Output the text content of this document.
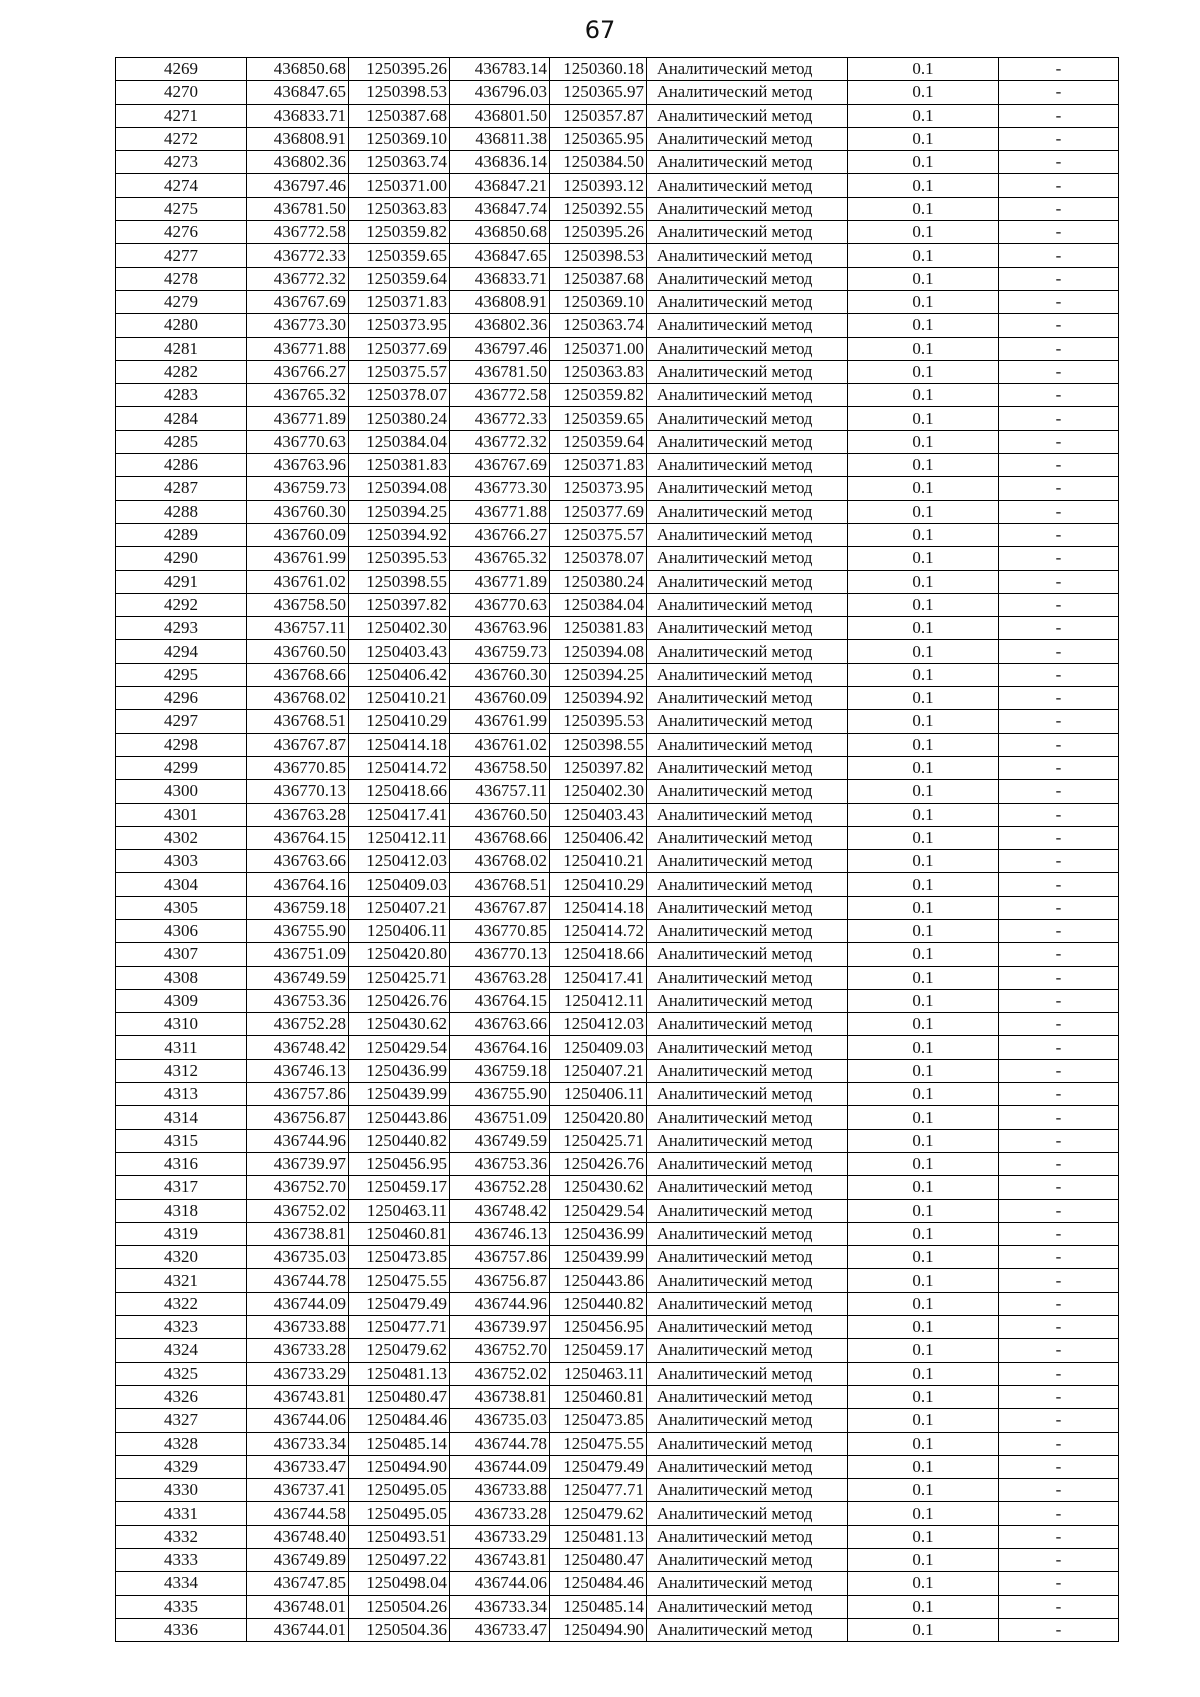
67
4269	436850.68	1250395.26	436783.14	1250360.18	Аналитический метод	0.1	-
4270	436847.65	1250398.53	436796.03	1250365.97	Аналитический метод	0.1	-
4271	436833.71	1250387.68	436801.50	1250357.87	Аналитический метод	0.1	-
4272	436808.91	1250369.10	436811.38	1250365.95	Аналитический метод	0.1	-
4273	436802.36	1250363.74	436836.14	1250384.50	Аналитический метод	0.1	-
4274	436797.46	1250371.00	436847.21	1250393.12	Аналитический метод	0.1	-
4275	436781.50	1250363.83	436847.74	1250392.55	Аналитический метод	0.1	-
4276	436772.58	1250359.82	436850.68	1250395.26	Аналитический метод	0.1	-
4277	436772.33	1250359.65	436847.65	1250398.53	Аналитический метод	0.1	-
4278	436772.32	1250359.64	436833.71	1250387.68	Аналитический метод	0.1	-
4279	436767.69	1250371.83	436808.91	1250369.10	Аналитический метод	0.1	-
4280	436773.30	1250373.95	436802.36	1250363.74	Аналитический метод	0.1	-
4281	436771.88	1250377.69	436797.46	1250371.00	Аналитический метод	0.1	-
4282	436766.27	1250375.57	436781.50	1250363.83	Аналитический метод	0.1	-
4283	436765.32	1250378.07	436772.58	1250359.82	Аналитический метод	0.1	-
4284	436771.89	1250380.24	436772.33	1250359.65	Аналитический метод	0.1	-
4285	436770.63	1250384.04	436772.32	1250359.64	Аналитический метод	0.1	-
4286	436763.96	1250381.83	436767.69	1250371.83	Аналитический метод	0.1	-
4287	436759.73	1250394.08	436773.30	1250373.95	Аналитический метод	0.1	-
4288	436760.30	1250394.25	436771.88	1250377.69	Аналитический метод	0.1	-
4289	436760.09	1250394.92	436766.27	1250375.57	Аналитический метод	0.1	-
4290	436761.99	1250395.53	436765.32	1250378.07	Аналитический метод	0.1	-
4291	436761.02	1250398.55	436771.89	1250380.24	Аналитический метод	0.1	-
4292	436758.50	1250397.82	436770.63	1250384.04	Аналитический метод	0.1	-
4293	436757.11	1250402.30	436763.96	1250381.83	Аналитический метод	0.1	-
4294	436760.50	1250403.43	436759.73	1250394.08	Аналитический метод	0.1	-
4295	436768.66	1250406.42	436760.30	1250394.25	Аналитический метод	0.1	-
4296	436768.02	1250410.21	436760.09	1250394.92	Аналитический метод	0.1	-
4297	436768.51	1250410.29	436761.99	1250395.53	Аналитический метод	0.1	-
4298	436767.87	1250414.18	436761.02	1250398.55	Аналитический метод	0.1	-
4299	436770.85	1250414.72	436758.50	1250397.82	Аналитический метод	0.1	-
4300	436770.13	1250418.66	436757.11	1250402.30	Аналитический метод	0.1	-
4301	436763.28	1250417.41	436760.50	1250403.43	Аналитический метод	0.1	-
4302	436764.15	1250412.11	436768.66	1250406.42	Аналитический метод	0.1	-
4303	436763.66	1250412.03	436768.02	1250410.21	Аналитический метод	0.1	-
4304	436764.16	1250409.03	436768.51	1250410.29	Аналитический метод	0.1	-
4305	436759.18	1250407.21	436767.87	1250414.18	Аналитический метод	0.1	-
4306	436755.90	1250406.11	436770.85	1250414.72	Аналитический метод	0.1	-
4307	436751.09	1250420.80	436770.13	1250418.66	Аналитический метод	0.1	-
4308	436749.59	1250425.71	436763.28	1250417.41	Аналитический метод	0.1	-
4309	436753.36	1250426.76	436764.15	1250412.11	Аналитический метод	0.1	-
4310	436752.28	1250430.62	436763.66	1250412.03	Аналитический метод	0.1	-
4311	436748.42	1250429.54	436764.16	1250409.03	Аналитический метод	0.1	-
4312	436746.13	1250436.99	436759.18	1250407.21	Аналитический метод	0.1	-
4313	436757.86	1250439.99	436755.90	1250406.11	Аналитический метод	0.1	-
4314	436756.87	1250443.86	436751.09	1250420.80	Аналитический метод	0.1	-
4315	436744.96	1250440.82	436749.59	1250425.71	Аналитический метод	0.1	-
4316	436739.97	1250456.95	436753.36	1250426.76	Аналитический метод	0.1	-
4317	436752.70	1250459.17	436752.28	1250430.62	Аналитический метод	0.1	-
4318	436752.02	1250463.11	436748.42	1250429.54	Аналитический метод	0.1	-
4319	436738.81	1250460.81	436746.13	1250436.99	Аналитический метод	0.1	-
4320	436735.03	1250473.85	436757.86	1250439.99	Аналитический метод	0.1	-
4321	436744.78	1250475.55	436756.87	1250443.86	Аналитический метод	0.1	-
4322	436744.09	1250479.49	436744.96	1250440.82	Аналитический метод	0.1	-
4323	436733.88	1250477.71	436739.97	1250456.95	Аналитический метод	0.1	-
4324	436733.28	1250479.62	436752.70	1250459.17	Аналитический метод	0.1	-
4325	436733.29	1250481.13	436752.02	1250463.11	Аналитический метод	0.1	-
4326	436743.81	1250480.47	436738.81	1250460.81	Аналитический метод	0.1	-
4327	436744.06	1250484.46	436735.03	1250473.85	Аналитический метод	0.1	-
4328	436733.34	1250485.14	436744.78	1250475.55	Аналитический метод	0.1	-
4329	436733.47	1250494.90	436744.09	1250479.49	Аналитический метод	0.1	-
4330	436737.41	1250495.05	436733.88	1250477.71	Аналитический метод	0.1	-
4331	436744.58	1250495.05	436733.28	1250479.62	Аналитический метод	0.1	-
4332	436748.40	1250493.51	436733.29	1250481.13	Аналитический метод	0.1	-
4333	436749.89	1250497.22	436743.81	1250480.47	Аналитический метод	0.1	-
4334	436747.85	1250498.04	436744.06	1250484.46	Аналитический метод	0.1	-
4335	436748.01	1250504.26	436733.34	1250485.14	Аналитический метод	0.1	-
4336	436744.01	1250504.36	436733.47	1250494.90	Аналитический метод	0.1	-
